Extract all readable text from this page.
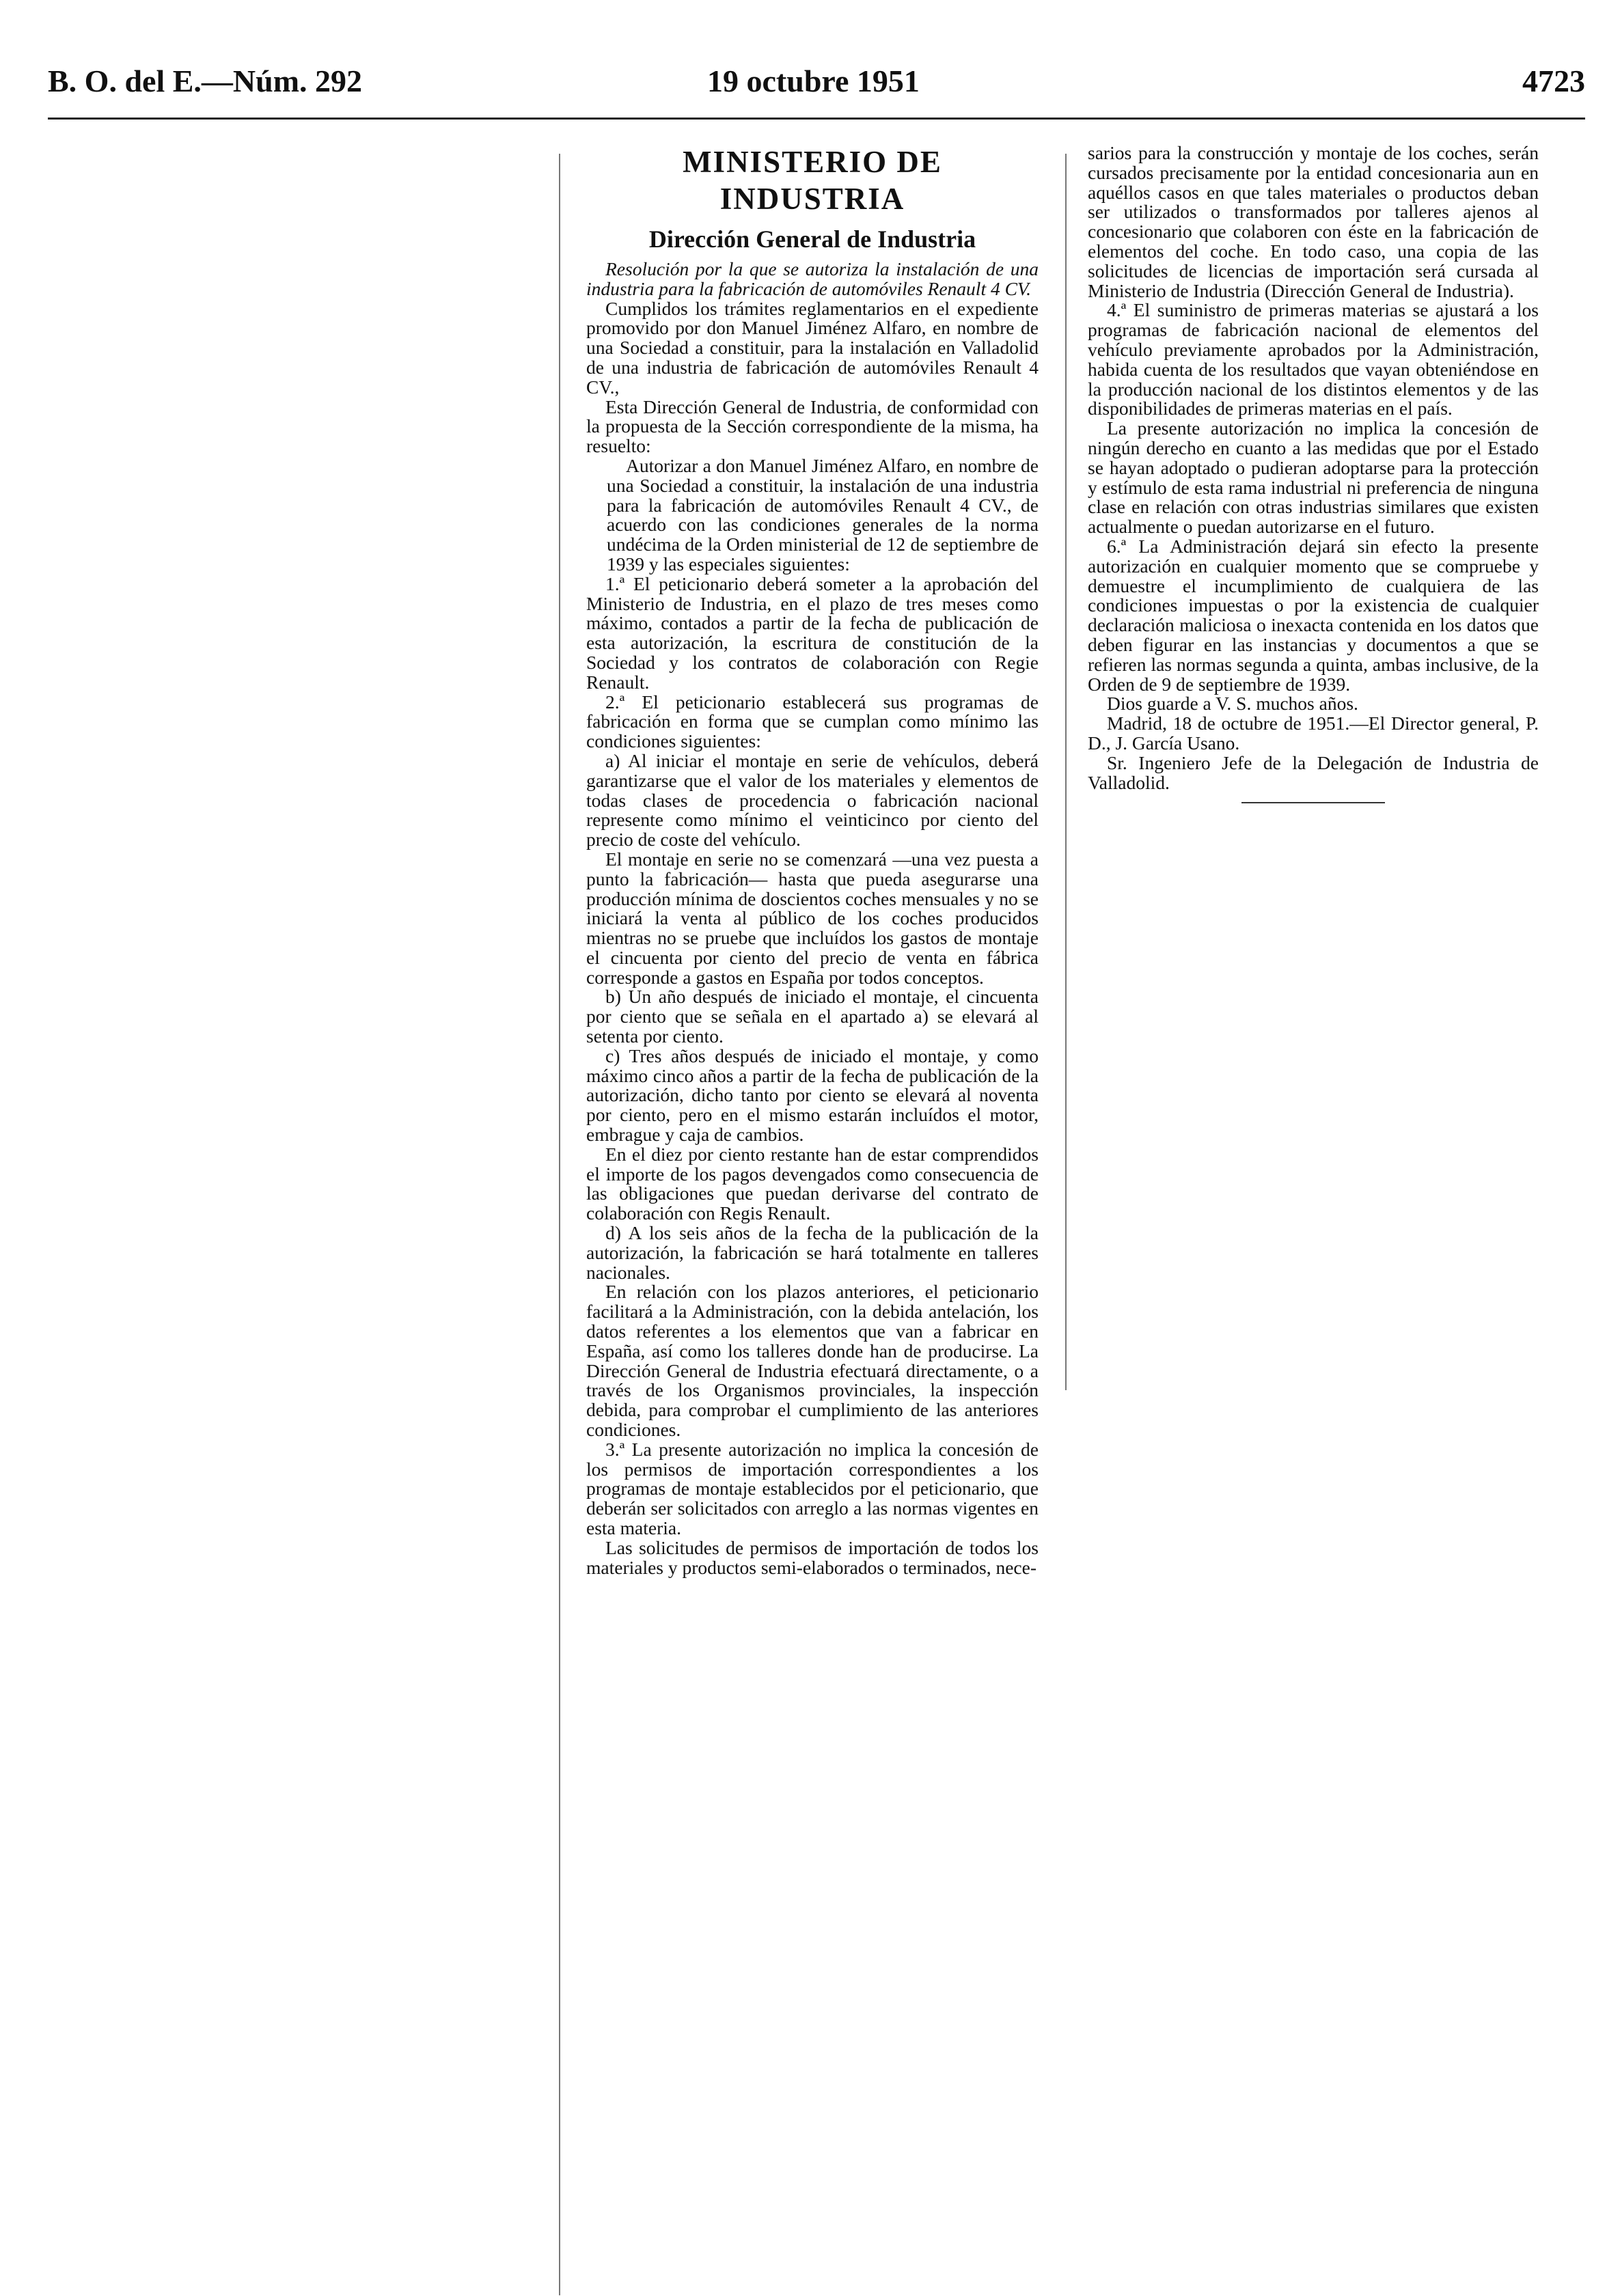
B. O. del E.—Núm. 292	19 octubre 1951	4723
MINISTERIO DE INDUSTRIA
Dirección General de Industria

Resolución por la que se autoriza la instalación de una industria para la fabricación de automóviles Renault 4 CV.

Cumplidos los trámites reglamentarios en el expediente promovido por don Manuel Jiménez Alfaro, en nombre de una Sociedad a constituir, para la instalación en Valladolid de una industria de fabricación de automóviles Renault 4 CV.,

Esta Dirección General de Industria, de conformidad con la propuesta de la Sección correspondiente de la misma, ha resuelto:

Autorizar a don Manuel Jiménez Alfaro, en nombre de una Sociedad a constituir, la instalación de una industria para la fabricación de automóviles Renault 4 CV., de acuerdo con las condiciones generales de la norma undécima de la Orden ministerial de 12 de septiembre de 1939 y las especiales siguientes:

1.ª El peticionario deberá someter a la aprobación del Ministerio de Industria, en el plazo de tres meses como máximo, contados a partir de la fecha de publicación de esta autorización, la escritura de constitución de la Sociedad y los contratos de colaboración con Regie Renault.

2.ª El peticionario establecerá sus programas de fabricación en forma que se cumplan como mínimo las condiciones siguientes:

a) Al iniciar el montaje en serie de vehículos, deberá garantizarse que el valor de los materiales y elementos de todas clases de procedencia o fabricación nacional represente como mínimo el veinticinco por ciento del precio de coste del vehículo.

El montaje en serie no se comenzará —una vez puesta a punto la fabricación— hasta que pueda asegurarse una producción mínima de doscientos coches mensuales y no se iniciará la venta al público de los coches producidos mientras no se pruebe que incluídos los gastos de montaje el cincuenta por ciento del precio de venta en fábrica corresponde a gastos en España por todos conceptos.

b) Un año después de iniciado el montaje, el cincuenta por ciento que se señala en el apartado a) se elevará al setenta por ciento.

c) Tres años después de iniciado el montaje, y como máximo cinco años a partir de la fecha de publicación de la autorización, dicho tanto por ciento se elevará al noventa por ciento, pero en el mismo estarán incluídos el motor, embrague y caja de cambios.

En el diez por ciento restante han de estar comprendidos el importe de los pagos devengados como consecuencia de las obligaciones que puedan derivarse del contrato de colaboración con Regis Renault.

d) A los seis años de la fecha de la publicación de la autorización, la fabricación se hará totalmente en talleres nacionales.

En relación con los plazos anteriores, el peticionario facilitará a la Administración, con la debida antelación, los datos referentes a los elementos que van a fabricar en España, así como los talleres donde han de producirse. La Dirección General de Industria efectuará directamente, o a través de los Organismos provinciales, la inspección debida, para comprobar el cumplimiento de las anteriores condiciones.

3.ª La presente autorización no implica la concesión de los permisos de importación correspondientes a los programas de montaje establecidos por el peticionario, que deberán ser solicitados con arreglo a las normas vigentes en esta materia.

Las solicitudes de permisos de importación de todos los materiales y productos semi-elaborados o terminados, nece-

sarios para la construcción y montaje de los coches, serán cursados precisamente por la entidad concesionaria aun en aquéllos casos en que tales materiales o productos deban ser utilizados o transformados por talleres ajenos al concesionario que colaboren con éste en la fabricación de elementos del coche. En todo caso, una copia de las solicitudes de licencias de importación será cursada al Ministerio de Industria (Dirección General de Industria).

4.ª El suministro de primeras materias se ajustará a los programas de fabricación nacional de elementos del vehículo previamente aprobados por la Administración, habida cuenta de los resultados que vayan obteniéndose en la producción nacional de los distintos elementos y de las disponibilidades de primeras materias en el país.

La presente autorización no implica la concesión de ningún derecho en cuanto a las medidas que por el Estado se hayan adoptado o pudieran adoptarse para la protección y estímulo de esta rama industrial ni preferencia de ninguna clase en relación con otras industrias similares que existen actualmente o puedan autorizarse en el futuro.

6.ª La Administración dejará sin efecto la presente autorización en cualquier momento que se compruebe y demuestre el incumplimiento de cualquiera de las condiciones impuestas o por la existencia de cualquier declaración maliciosa o inexacta contenida en los datos que deben figurar en las instancias y documentos a que se refieren las normas segunda a quinta, ambas inclusive, de la Orden de 9 de septiembre de 1939.

Dios guarde a V. S. muchos años.

Madrid, 18 de octubre de 1951.—El Director general, P. D., J. García Usano.

Sr. Ingeniero Jefe de la Delegación de Industria de Valladolid.
